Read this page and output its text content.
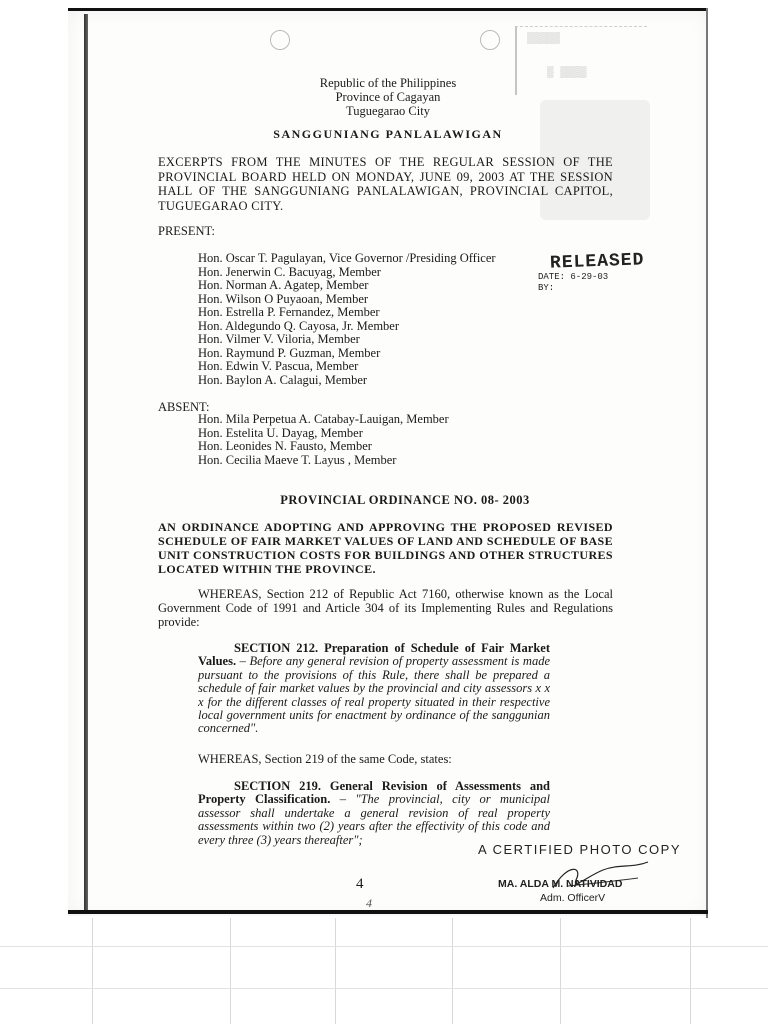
▒▒▒▒▒
▒ ▒▒▒▒
Republic of the Philippines
Province of Cagayan
Tuguegarao City
SANGGUNIANG PANLALAWIGAN
EXCERPTS FROM THE MINUTES OF THE REGULAR SESSION OF THE PROVINCIAL BOARD HELD ON MONDAY, JUNE 09, 2003 AT THE SESSION HALL OF THE SANGGUNIANG PANLALAWIGAN, PROVINCIAL CAPITOL, TUGUEGARAO CITY.
PRESENT:
Hon. Oscar T. Pagulayan, Vice Governor /Presiding Officer
Hon. Jenerwin C. Bacuyag, Member
Hon. Norman A. Agatep, Member
Hon. Wilson O Puyaoan, Member
Hon. Estrella P. Fernandez, Member
Hon. Aldegundo Q. Cayosa, Jr. Member
Hon. Vilmer V. Viloria, Member
Hon. Raymund P. Guzman, Member
Hon. Edwin V. Pascua, Member
Hon. Baylon A. Calagui, Member
RELEASED
DATE: 6-29-03
BY:
ABSENT:
Hon. Mila Perpetua A. Catabay-Lauigan, Member
Hon. Estelita U. Dayag, Member
Hon. Leonides N. Fausto, Member
Hon. Cecilia Maeve T. Layus , Member
PROVINCIAL ORDINANCE NO. 08- 2003
AN ORDINANCE ADOPTING AND APPROVING THE PROPOSED REVISED SCHEDULE OF FAIR MARKET VALUES OF LAND AND SCHEDULE OF BASE UNIT CONSTRUCTION COSTS FOR BUILDINGS AND OTHER STRUCTURES LOCATED WITHIN THE PROVINCE.
WHEREAS, Section 212 of Republic Act 7160, otherwise known as the Local Government Code of 1991 and Article 304 of its Implementing Rules and Regulations provide:
SECTION 212. Preparation of Schedule of Fair Market Values. – Before any general revision of property assessment is made pursuant to the provisions of this Rule, there shall be prepared a schedule of fair market values by the provincial and city assessors x x x for the different classes of real property situated in their respective local government units for enactment by ordinance of the sanggunian concerned".
WHEREAS, Section 219 of the same Code, states:
SECTION 219. General Revision of Assessments and Property Classification. – "The provincial, city or municipal assessor shall undertake a general revision of real property assessments within two (2) years after the effectivity of this code and every three (3) years thereafter";
A CERTIFIED PHOTO COPY
MA. ALDA M. NATIVIDAD
Adm. OfficerV
4
4
